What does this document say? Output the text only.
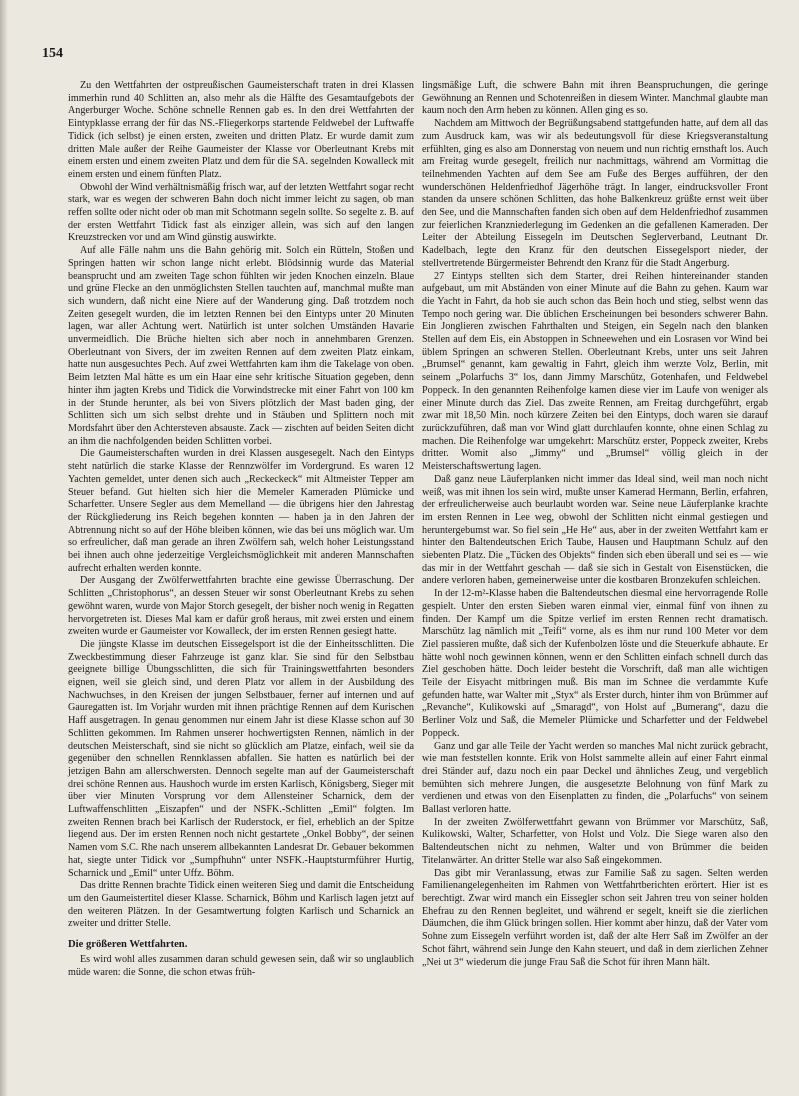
154

Zu den Wettfahrten der ostpreußischen Gaumeisterschaft traten in drei Klassen immerhin rund 40 Schlitten an, also mehr als die Hälfte des Gesamtaufgebots der Angerburger Woche. Schöne schnelle Rennen gab es. In den drei Wettfahrten der Eintypklasse errang der für das NS.-Fliegerkorps startende Feldwebel der Luftwaffe Tidick (ich selbst) je einen ersten, zweiten und dritten Platz. Er wurde damit zum dritten Male außer der Reihe Gaumeister der Klasse vor Oberleutnant Krebs mit einem ersten und einem zweiten Platz und dem für die SA. segelnden Kowalleck mit einem ersten und einem fünften Platz.

Obwohl der Wind verhältnismäßig frisch war, auf der letzten Wettfahrt sogar recht stark, war es wegen der schweren Bahn doch nicht immer leicht zu sagen, ob man reffen sollte oder nicht oder ob man mit Schotmann segeln sollte. So segelte z. B. auf der ersten Wettfahrt Tidick fast als einziger allein, was sich auf den langen Kreuzstrecken vor und am Wind günstig auswirkte.

Auf alle Fälle nahm uns die Bahn gehörig mit. Solch ein Rütteln, Stoßen und Springen hatten wir schon lange nicht erlebt. Blödsinnig wurde das Material beansprucht und am zweiten Tage schon fühlten wir jeden Knochen einzeln. Blaue und grüne Flecke an den unmöglichsten Stellen tauchten auf, manchmal mußte man sich wundern, daß nicht eine Niere auf der Wanderung ging. Daß trotzdem noch Zeiten gesegelt wurden, die im letzten Rennen bei den Eintyps unter 20 Minuten lagen, war aller Achtung wert. Natürlich ist unter solchen Umständen Havarie unvermeidlich. Die Brüche hielten sich aber noch in annehmbaren Grenzen. Oberleutnant von Sivers, der im zweiten Rennen auf dem zweiten Platz einkam, hatte nun ausgesuchtes Pech. Auf zwei Wettfahrten kam ihm die Takelage von oben. Beim letzten Mal hätte es um ein Haar eine sehr kritische Situation gegeben, denn hinter ihm jagten Krebs und Tidick die Vorwindstrecke mit einer Fahrt von 100 km in der Stunde herunter, als bei von Sivers plötzlich der Mast baden ging, der Schlitten sich um sich selbst drehte und in Stäuben und Splittern noch mit Mordsfahrt über den Achtersteven absauste. Zack — zischten auf beiden Seiten dicht an ihm die nachfolgenden beiden Schlitten vorbei.

Die Gaumeisterschaften wurden in drei Klassen ausgesegelt. Nach den Eintyps steht natürlich die starke Klasse der Rennzwölfer im Vordergrund. Es waren 12 Yachten gemeldet, unter denen sich auch „Reckeckeck“ mit Altmeister Tepper am Steuer befand. Gut hielten sich hier die Memeler Kameraden Plümicke und Scharfetter. Unsere Segler aus dem Memelland — die übrigens hier den Jahrestag der Rückgliederung ins Reich begehen konnten — haben ja in den Jahren der Abtrennung nicht so auf der Höhe bleiben können, wie das bei uns möglich war. Um so erfreulicher, daß man gerade an ihren Zwölfern sah, welch hoher Leistungsstand bei ihnen auch ohne jederzeitige Vergleichsmöglichkeit mit anderen Mannschaften aufrecht erhalten werden konnte.

Der Ausgang der Zwölferwettfahrten brachte eine gewisse Überraschung. Der Schlitten „Christophorus“, an dessen Steuer wir sonst Oberleutnant Krebs zu sehen gewöhnt waren, wurde von Major Storch gesegelt, der bisher noch wenig in Regatten hervorgetreten ist. Dieses Mal kam er dafür groß heraus, mit zwei ersten und einem zweiten wurde er Gaumeister vor Kowalleck, der im ersten Rennen gesiegt hatte.

Die jüngste Klasse im deutschen Eissegelsport ist die der Einheitsschlitten. Die Zweckbestimmung dieser Fahrzeuge ist ganz klar. Sie sind für den Selbstbau geeignete billige Übungsschlitten, die sich für Trainingswettfahrten besonders eignen, weil sie gleich sind, und deren Platz vor allem in der Ausbildung des Nachwuchses, in den Kreisen der jungen Selbstbauer, ferner auf internen und auf Gauregatten ist. Im Vorjahr wurden mit ihnen prächtige Rennen auf dem Kurischen Haff ausgetragen. In genau genommen nur einem Jahr ist diese Klasse schon auf 30 Schlitten gekommen. Im Rahmen unserer hochwertigsten Rennen, nämlich in der deutschen Meisterschaft, sind sie nicht so glücklich am Platze, einfach, weil sie da gegenüber den schnellen Rennklassen abfallen. Sie hatten es natürlich bei der jetzigen Bahn am allerschwersten. Dennoch segelte man auf der Gaumeisterschaft drei schöne Rennen aus. Haushoch wurde im ersten Karlisch, Königsberg, Sieger mit über vier Minuten Vorsprung vor dem Allensteiner Scharnick, dem der Luftwaffenschlitten „Eiszapfen“ und der NSFK.-Schlitten „Emil“ folgten. Im zweiten Rennen brach bei Karlisch der Ruderstock, er fiel, erheblich an der Spitze liegend aus. Der im ersten Rennen noch nicht gestartete „Onkel Bobby“, der seinen Namen vom S.C. Rhe nach unserem allbekannten Landesrat Dr. Gebauer bekommen hat, siegte unter Tidick vor „Sumpfhuhn“ unter NSFK.-Hauptsturmführer Hurtig, Scharnick und „Emil“ unter Uffz. Böhm.

Das dritte Rennen brachte Tidick einen weiteren Sieg und damit die Entscheidung um den Gaumeistertitel dieser Klasse. Scharnick, Böhm und Karlisch lagen jetzt auf den weiteren Plätzen. In der Gesamtwertung folgten Karlisch und Scharnick an zweiter und dritter Stelle.

Die größeren Wettfahrten.

Es wird wohl alles zusammen daran schuld gewesen sein, daß wir so unglaublich müde waren: die Sonne, die schon etwas früh-

lingsmäßige Luft, die schwere Bahn mit ihren Beanspruchungen, die geringe Gewöhnung an Rennen und Schotenreißen in diesem Winter. Manchmal glaubte man kaum noch den Arm heben zu können. Allen ging es so.

Nachdem am Mittwoch der Begrüßungsabend stattgefunden hatte, auf dem all das zum Ausdruck kam, was wir als bedeutungsvoll für diese Kriegsveranstaltung erfühlten, ging es also am Donnerstag von neuem und nun richtig ernsthaft los. Auch am Freitag wurde gesegelt, freilich nur nachmittags, während am Vormittag die teilnehmenden Yachten auf dem See am Fuße des Berges aufführen, der den wunderschönen Heldenfriedhof Jägerhöhe trägt. In langer, eindrucksvoller Front standen da unsere schönen Schlitten, das hohe Balkenkreuz grüßte ernst weit über den See, und die Mannschaften fanden sich oben auf dem Heldenfriedhof zusammen zur feierlichen Kranzniederlegung im Gedenken an die gefallenen Kameraden. Der Leiter der Abteilung Eissegeln im Deutschen Seglerverband, Leutnant Dr. Kadelbach, legte den Kranz für den deutschen Eissegelsport nieder, der stellvertretende Bürgermeister Behrendt den Kranz für die Stadt Angerburg.

27 Eintyps stellten sich dem Starter, drei Reihen hintereinander standen aufgebaut, um mit Abständen von einer Minute auf die Bahn zu gehen. Kaum war die Yacht in Fahrt, da hob sie auch schon das Bein hoch und stieg, selbst wenn das Tempo noch gering war. Die üblichen Erscheinungen bei besonders schwerer Bahn. Ein Jonglieren zwischen Fahrthalten und Steigen, ein Segeln nach den blanken Stellen auf dem Eis, ein Abstoppen in Schneewehen und ein Losrasen vor Wind bei üblem Springen an schweren Stellen. Oberleutnant Krebs, unter uns seit Jahren „Brumsel“ genannt, kam gewaltig in Fahrt, gleich ihm werzte Volz, Berlin, mit seinem „Polarfuchs 3“ los, dann Jimmy Marschütz, Gotenhafen, und Feldwebel Poppeck. In den genannten Reihenfolge kamen diese vier im Laufe von weniger als einer Minute durch das Ziel. Das zweite Rennen, am Freitag durchgeführt, ergab zwar mit 18,50 Min. noch kürzere Zeiten bei den Eintyps, doch waren sie darauf zurückzuführen, daß man vor Wind glatt durchlaufen konnte, ohne einen Schlag zu machen. Die Reihenfolge war umgekehrt: Marschütz erster, Poppeck zweiter, Krebs dritter. Womit also „Jimmy“ und „Brumsel“ völlig gleich in der Meisterschaftswertung lagen.

Daß ganz neue Läuferplanken nicht immer das Ideal sind, weil man noch nicht weiß, was mit ihnen los sein wird, mußte unser Kamerad Hermann, Berlin, erfahren, der erfreulicherweise auch beurlaubt worden war. Seine neue Läuferplanke krachte im ersten Rennen in Lee weg, obwohl der Schlitten nicht einmal gestiegen und heruntergebumst war. So fiel sein „He He“ aus, aber in der zweiten Wettfahrt kam er hinter den Baltendeutschen Erich Taube, Hausen und Hauptmann Schulz auf den siebenten Platz. Die „Tücken des Objekts“ finden sich eben überall und sei es — wie das mir in der Wettfahrt geschah — daß sie sich in Gestalt von Eisenstücken, die andere verloren haben, gemeinerweise unter die kostbaren Bronzekufen schleichen.

In der 12-m²-Klasse haben die Baltendeutschen diesmal eine hervorragende Rolle gespielt. Unter den ersten Sieben waren einmal vier, einmal fünf von ihnen zu finden. Der Kampf um die Spitze verlief im ersten Rennen recht dramatisch. Marschütz lag nämlich mit „Teifi“ vorne, als es ihm nur rund 100 Meter vor dem Ziel passieren mußte, daß sich der Kufenbolzen löste und die Steuerkufe abhaute. Er hätte wohl noch gewinnen können, wenn er den Schlitten einfach schnell durch das Ziel geschoben hätte. Doch leider besteht die Vorschrift, daß man alle wichtigen Teile der Eisyacht mitbringen muß. Bis man im Schnee die verdammte Kufe gefunden hatte, war Walter mit „Styx“ als Erster durch, hinter ihm von Brümmer auf „Revanche“, Kulikowski auf „Smaragd“, von Holst auf „Bumerang“, dazu die Berliner Volz und Saß, die Memeler Plümicke und Scharfetter und der Feldwebel Poppeck.

Ganz und gar alle Teile der Yacht werden so manches Mal nicht zurück gebracht, wie man feststellen konnte. Erik von Holst sammelte allein auf einer Fahrt einmal drei Ständer auf, dazu noch ein paar Deckel und ähnliches Zeug, und vergeblich bemühten sich mehrere Jungen, die ausgesetzte Belohnung von fünf Mark zu verdienen und etwas von den Eisenplatten zu finden, die „Polarfuchs“ von seinem Ballast verloren hatte.

In der zweiten Zwölferwettfahrt gewann von Brümmer vor Marschütz, Saß, Kulikowski, Walter, Scharfetter, von Holst und Volz. Die Siege waren also den Baltendeutschen nicht zu nehmen, Walter und von Brümmer die beiden Titelanwärter. An dritter Stelle war also Saß eingekommen.

Das gibt mir Veranlassung, etwas zur Familie Saß zu sagen. Selten werden Familienangelegenheiten im Rahmen von Wettfahrtberichten erörtert. Hier ist es berechtigt. Zwar wird manch ein Eissegler schon seit Jahren treu von seiner holden Ehefrau zu den Rennen begleitet, und während er segelt, kneift sie die zierlichen Däumchen, die ihm Glück bringen sollen. Hier kommt aber hinzu, daß der Vater vom Sohne zum Eissegeln verführt worden ist, daß der alte Herr Saß im Zwölfer an der Schot fährt, während sein Junge den Kahn steuert, und daß in dem zierlichen Zehner „Nei ut 3“ wiederum die junge Frau Saß die Schot für ihren Mann hält.
